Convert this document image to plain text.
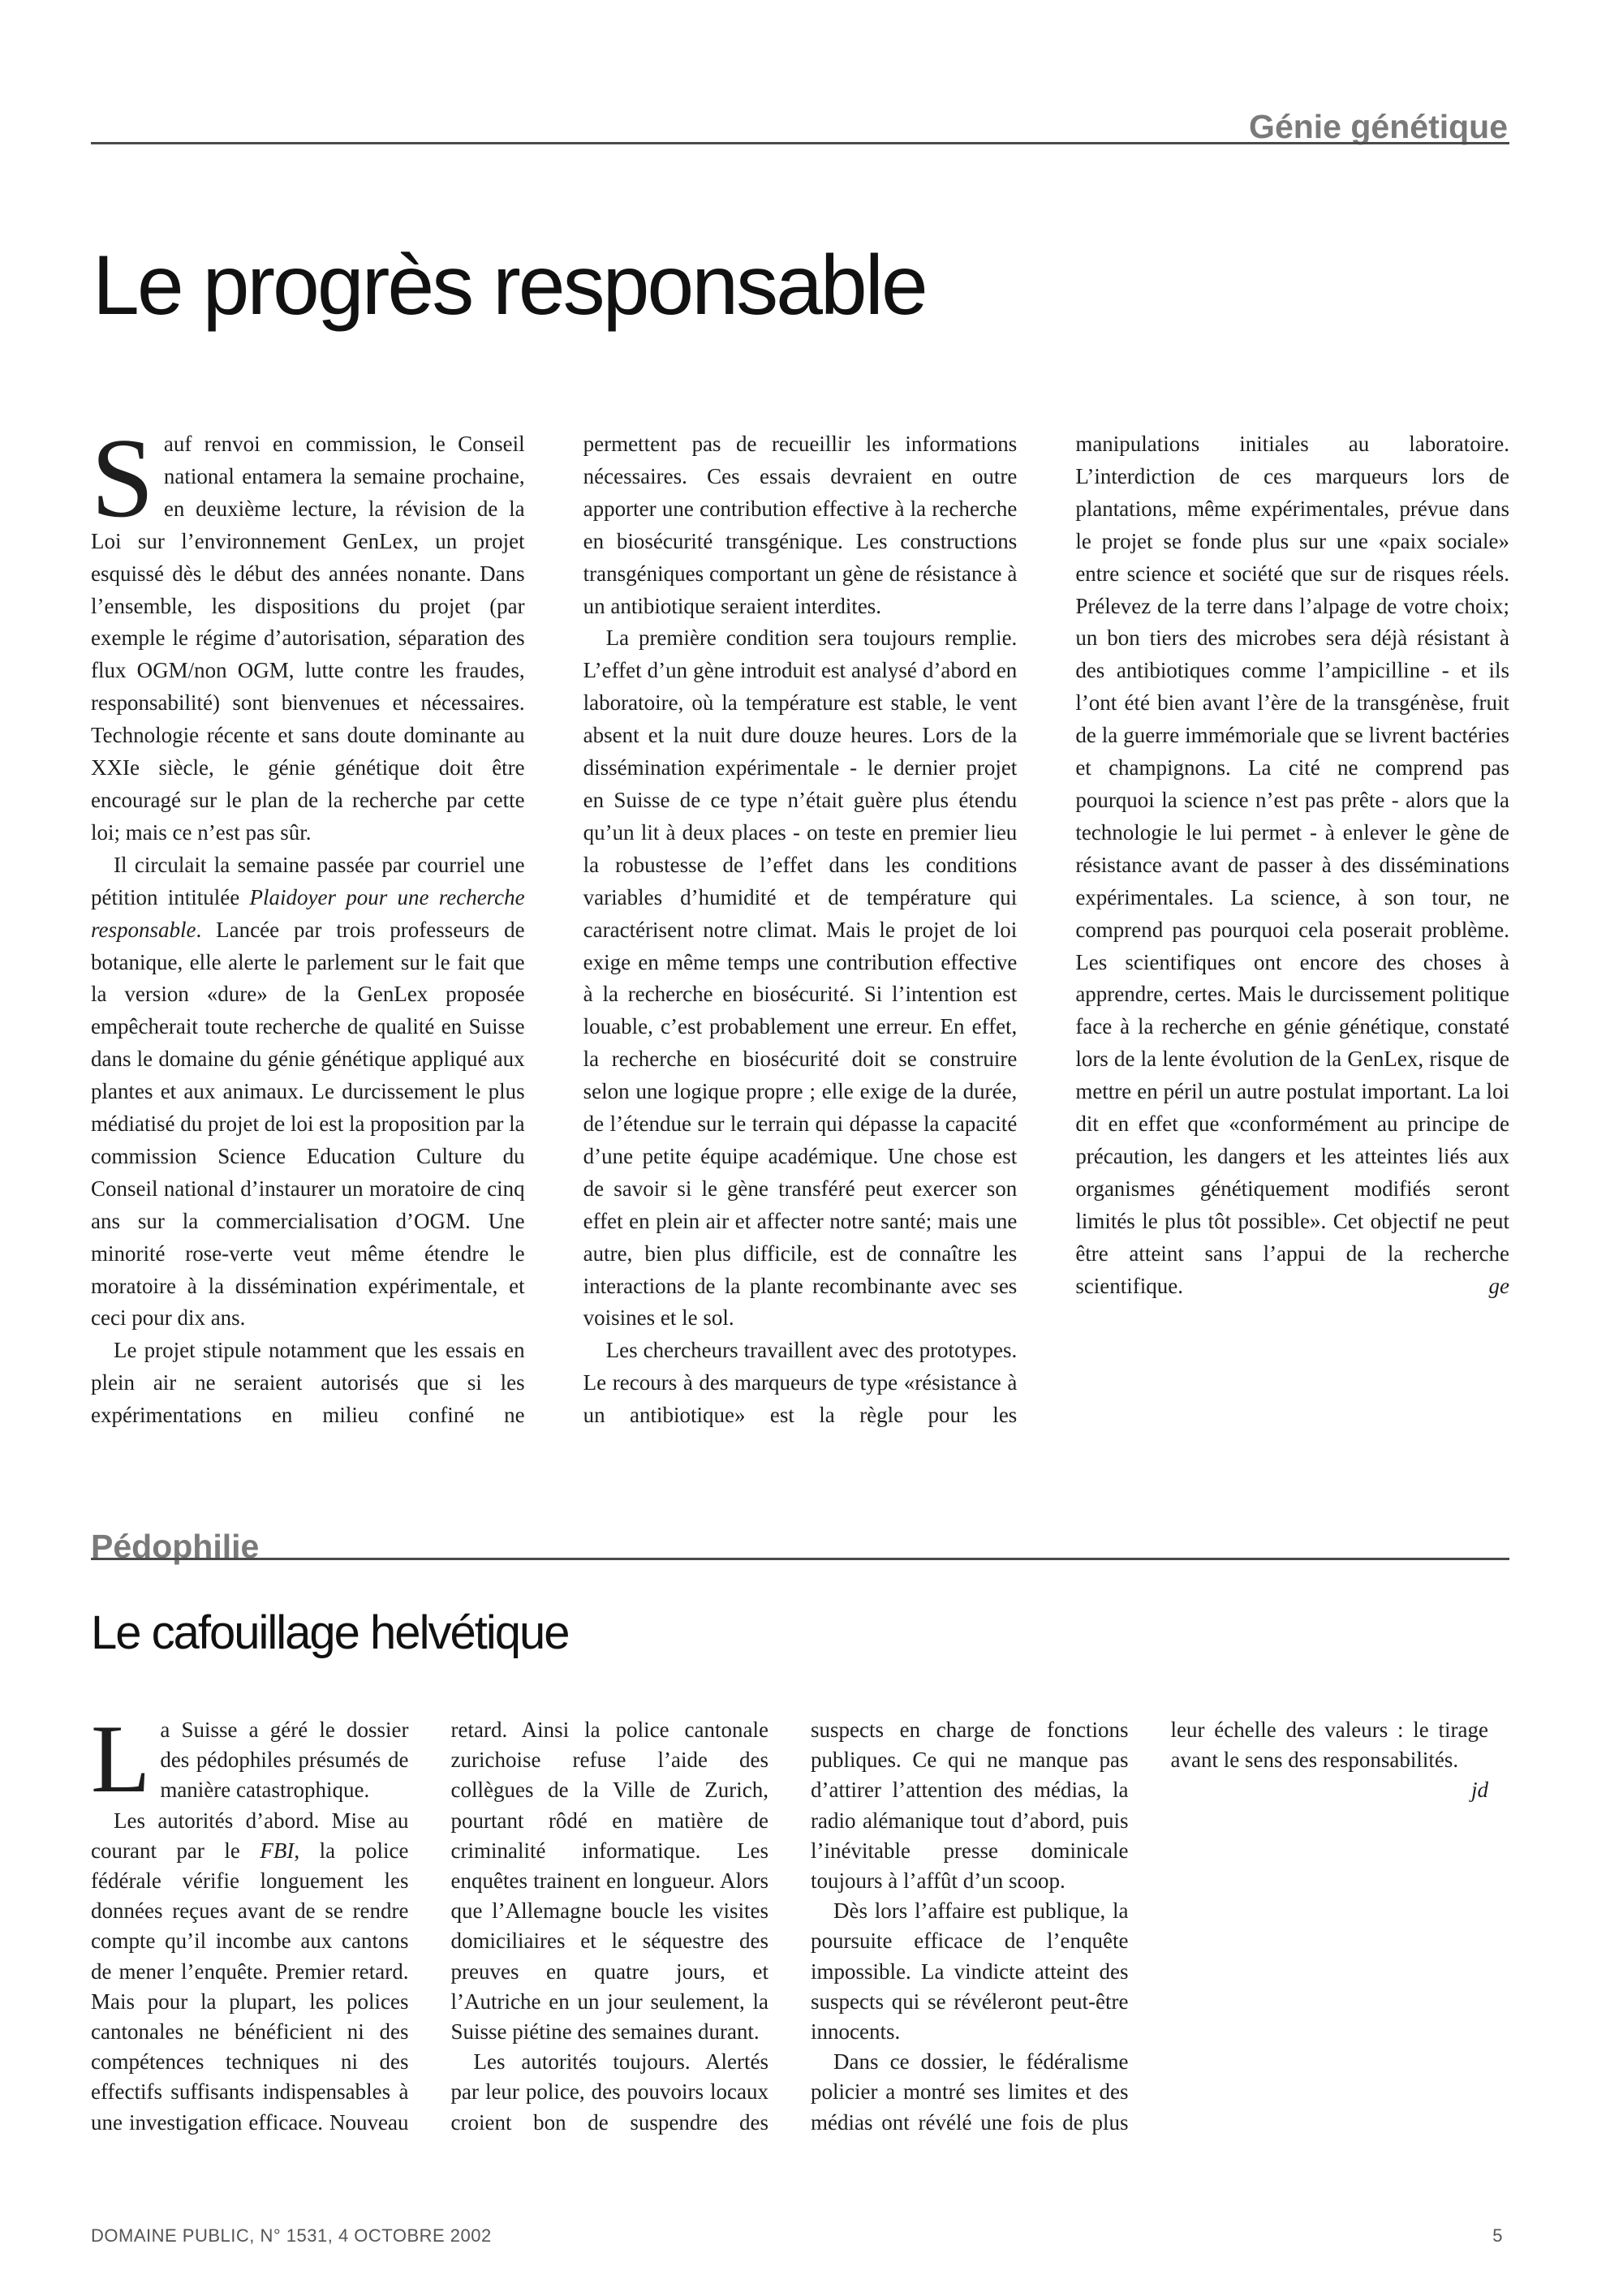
Génie génétique
Le progrès responsable

Sauf renvoi en commission, le Conseil national entamera la semaine prochaine, en deuxième lecture, la révision de la Loi sur l’environnement GenLex, un projet esquissé dès le début des années nonante. Dans l’ensemble, les dispositions du projet (par exemple le régime d’autorisation, séparation des flux OGM/non OGM, lutte contre les fraudes, responsabilité) sont bienvenues et nécessaires. Technologie récente et sans doute dominante au XXIe siècle, le génie génétique doit être encouragé sur le plan de la recherche par cette loi; mais ce n’est pas sûr.

Il circulait la semaine passée par courriel une pétition intitulée Plaidoyer pour une recherche responsable. Lancée par trois professeurs de botanique, elle alerte le parlement sur le fait que la version «dure» de la GenLex proposée empêcherait toute recherche de qualité en Suisse dans le domaine du génie génétique appliqué aux plantes et aux animaux. Le durcissement le plus médiatisé du projet de loi est la proposition par la commission Science Education Culture du Conseil national d’instaurer un moratoire de cinq ans sur la commercialisation d’OGM. Une minorité rose-verte veut même étendre le moratoire à la dissémination expérimentale, et ceci pour dix ans.

Le projet stipule notamment que les essais en plein air ne seraient autorisés que si les expérimentations en milieu confiné ne permettent pas de recueillir les informations nécessaires. Ces essais devraient en outre apporter une contribution effective à la recherche en biosécurité transgénique. Les constructions transgéniques comportant un gène de résistance à un antibiotique seraient interdites.

La première condition sera toujours remplie. L’effet d’un gène introduit est analysé d’abord en laboratoire, où la température est stable, le vent absent et la nuit dure douze heures. Lors de la dissémination expérimentale - le dernier projet en Suisse de ce type n’était guère plus étendu qu’un lit à deux places - on teste en premier lieu la robustesse de l’effet dans les conditions variables d’humidité et de température qui caractérisent notre climat. Mais le projet de loi exige en même temps une contribution effective à la recherche en biosécurité. Si l’intention est louable, c’est probablement une erreur. En effet, la recherche en biosécurité doit se construire selon une logique propre ; elle exige de la durée, de l’étendue sur le terrain qui dépasse la capacité d’une petite équipe académique. Une chose est de savoir si le gène transféré peut exercer son effet en plein air et affecter notre santé; mais une autre, bien plus difficile, est de connaître les interactions de la plante recombinante avec ses voisines et le sol.

Les chercheurs travaillent avec des prototypes. Le recours à des marqueurs de type «résistance à un antibiotique» est la règle pour les manipulations initiales au laboratoire. L’interdiction de ces marqueurs lors de plantations, même expérimentales, prévue dans le projet se fonde plus sur une «paix sociale» entre science et société que sur de risques réels. Prélevez de la terre dans l’alpage de votre choix; un bon tiers des microbes sera déjà résistant à des antibiotiques comme l’ampicilline - et ils l’ont été bien avant l’ère de la transgénèse, fruit de la guerre immémoriale que se livrent bactéries et champignons. La cité ne comprend pas pourquoi la science n’est pas prête - alors que la technologie le lui permet - à enlever le gène de résistance avant de passer à des disséminations expérimentales. La science, à son tour, ne comprend pas pourquoi cela poserait problème. Les scientifiques ont encore des choses à apprendre, certes. Mais le durcissement politique face à la recherche en génie génétique, constaté lors de la lente évolution de la GenLex, risque de mettre en péril un autre postulat important. La loi dit en effet que «conformément au principe de précaution, les dangers et les atteintes liés aux organismes génétiquement modifiés seront limités le plus tôt possible». Cet objectif ne peut être atteint sans l’appui de la recherche scientifique.	ge

Pédophilie
Le cafouillage helvétique

La Suisse a géré le dossier des pédophiles présumés de manière catastrophique.

Les autorités d’abord. Mise au courant par le FBI, la police fédérale vérifie longuement les données reçues avant de se rendre compte qu’il incombe aux cantons de mener l’enquête. Premier retard. Mais pour la plupart, les polices cantonales ne bénéficient ni des compétences techniques ni des effectifs suffisants indispensables à une investigation efficace. Nouveau retard. Ainsi la police cantonale zurichoise refuse l’aide des collègues de la Ville de Zurich, pourtant rôdé en matière de criminalité informatique. Les enquêtes trainent en longueur. Alors que l’Allemagne boucle les visites domiciliaires et le séquestre des preuves en quatre jours, et l’Autriche en un jour seulement, la Suisse piétine des semaines durant.

Les autorités toujours. Alertés par leur police, des pouvoirs locaux croient bon de suspendre des suspects en charge de fonctions publiques. Ce qui ne manque pas d’attirer l’attention des médias, la radio alémanique tout d’abord, puis l’inévitable presse dominicale toujours à l’affût d’un scoop.

Dès lors l’affaire est publique, la poursuite efficace de l’enquête impossible. La vindicte atteint des suspects qui se révéleront peut-être innocents.

Dans ce dossier, le fédéralisme policier a montré ses limites et des médias ont révélé une fois de plus leur échelle des valeurs : le tirage avant le sens des responsabilités.
jd

DOMAINE PUBLIC, N° 1531, 4 OCTOBRE 2002	5
